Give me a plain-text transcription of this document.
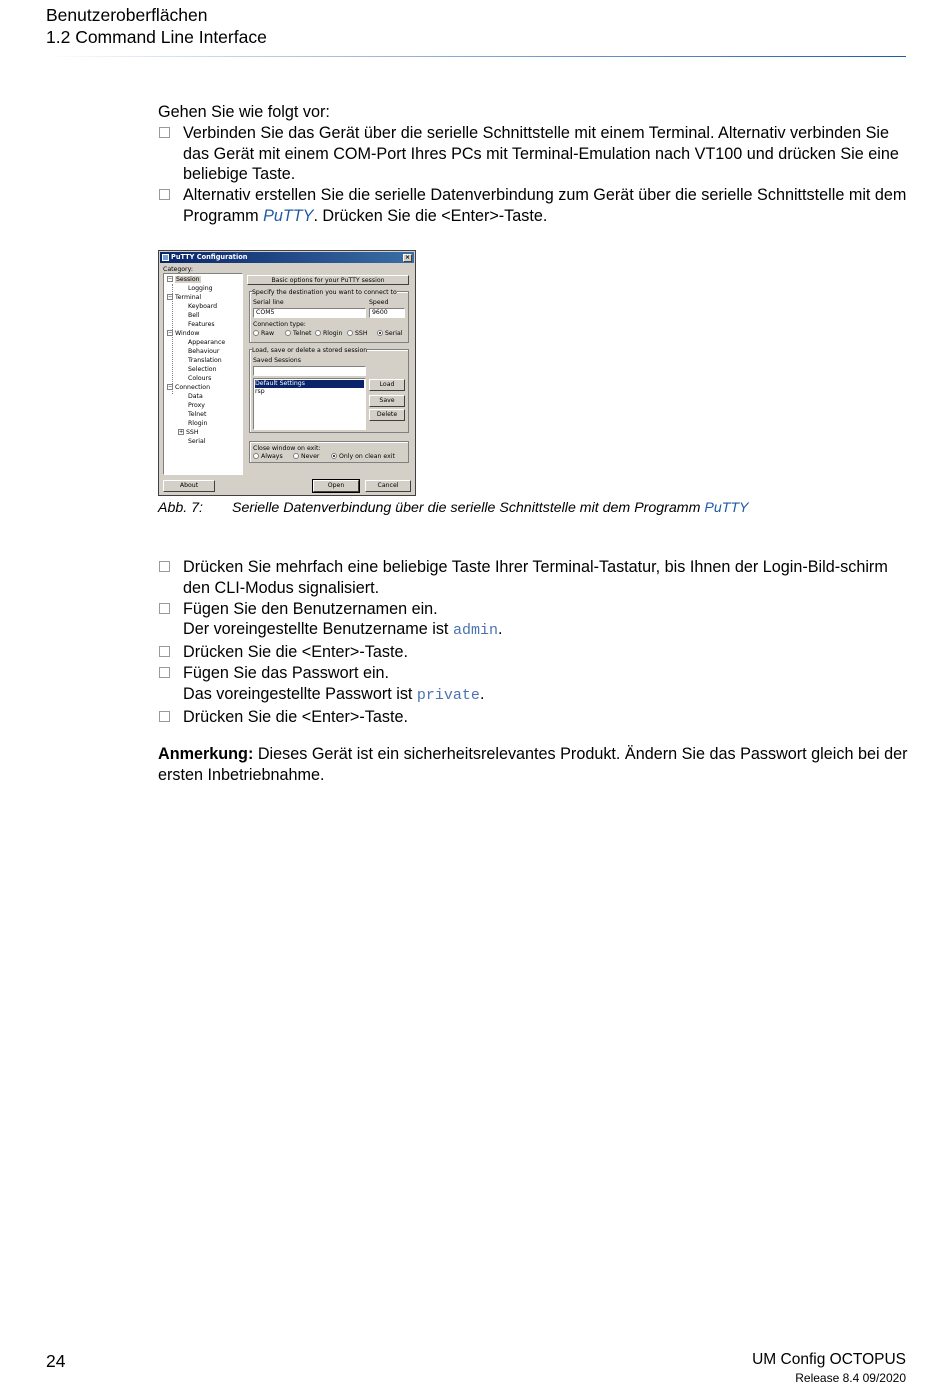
Benutzeroberflächen
1.2 Command Line Interface

Gehen Sie wie folgt vor:

Verbinden Sie das Gerät über die serielle Schnittstelle mit einem Terminal. Alternativ verbinden Sie das Gerät mit einem COM-Port Ihres PCs mit Terminal-Emulation nach VT100 und drücken Sie eine beliebige Taste.
Alternativ erstellen Sie die serielle Datenverbindung zum Gerät über die serielle Schnittstelle mit dem Programm PuTTY. Drücken Sie die <Enter>-Taste.
PuTTY Configuration	×
Category:
− Session
Logging
− Terminal
Keyboard
Bell
Features
− Window
Appearance
Behaviour
Translation
Selection
Colours
− Connection
Data
Proxy
Telnet
Rlogin
+ SSH
Serial
Basic options for your PuTTY session
Specify the destination you want to connect to
Serial line
COM5
Speed
9600
Connection type:
Raw	Telnet	Rlogin	SSH	Serial
Load, save or delete a stored session
Saved Sessions
Default Settings
rsp
Load
Save
Delete
Close window on exit:
Always	Never	Only on clean exit
About	Open	Cancel
Abb. 7: Serielle Datenverbindung über die serielle Schnittstelle mit dem Programm PuTTY
Drücken Sie mehrfach eine beliebige Taste Ihrer Terminal-Tastatur, bis Ihnen der Login-Bild-schirm den CLI-Modus signalisiert.
Fügen Sie den Benutzernamen ein.
Der voreingestellte Benutzername ist admin.
Drücken Sie die <Enter>-Taste.
Fügen Sie das Passwort ein.
Das voreingestellte Passwort ist private.
Drücken Sie die <Enter>-Taste.
Anmerkung: Dieses Gerät ist ein sicherheitsrelevantes Produkt. Ändern Sie das Passwort gleich bei der ersten Inbetriebnahme.
24	UM Config OCTOPUS
Release 8.4 09/2020
